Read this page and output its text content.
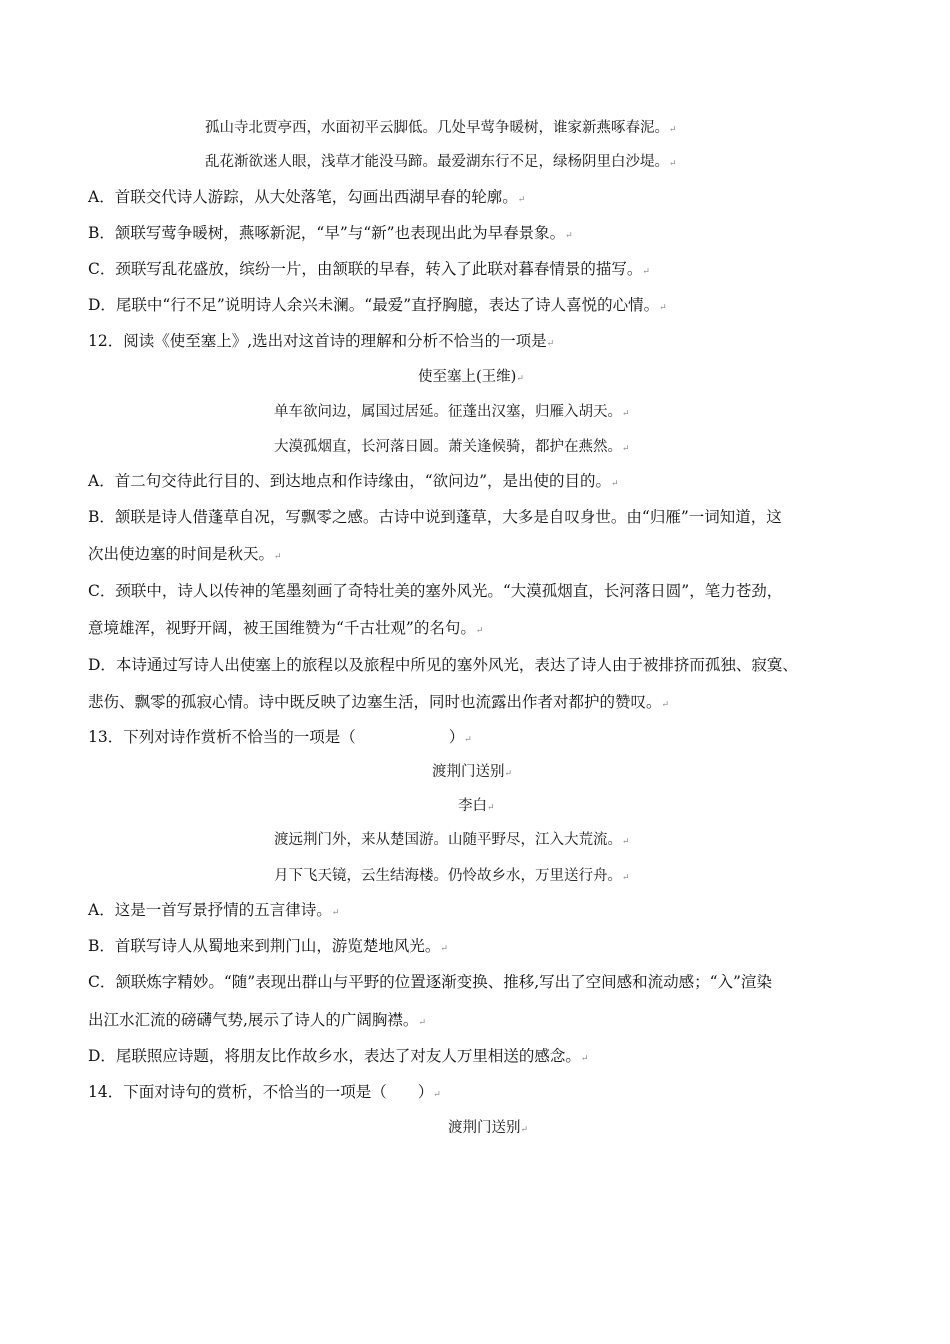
孤山寺北贾亭西，水面初平云脚低。几处早莺争暖树，谁家新燕啄春泥。↵
乱花渐欲迷人眼，浅草才能没马蹄。最爱湖东行不足，绿杨阴里白沙堤。↵
A．首联交代诗人游踪，从大处落笔，勾画出西湖早春的轮廓。↵
B．颔联写莺争暖树，燕啄新泥，“早”与“新”也表现出此为早春景象。↵
C．颈联写乱花盛放，缤纷一片，由颔联的早春，转入了此联对暮春情景的描写。↵
D．尾联中“行不足”说明诗人余兴未澜。“最爱”直抒胸臆，表达了诗人喜悦的心情。↵
12．阅读《使至塞上》,选出对这首诗的理解和分析不恰当的一项是↵
使至塞上(王维)↵
单车欲问边，属国过居延。征蓬出汉塞，归雁入胡天。↵
大漠孤烟直，长河落日圆。萧关逢候骑，都护在燕然。↵
A．首二句交待此行目的、到达地点和作诗缘由，“欲问边”，是出使的目的。↵
B．颔联是诗人借蓬草自况，写飘零之感。古诗中说到蓬草，大多是自叹身世。由“归雁”一词知道，这
次出使边塞的时间是秋天。↵
C．颈联中，诗人以传神的笔墨刻画了奇特壮美的塞外风光。“大漠孤烟直，长河落日圆”，笔力苍劲，
意境雄浑，视野开阔，被王国维赞为“千古壮观”的名句。↵
D．本诗通过写诗人出使塞上的旅程以及旅程中所见的塞外风光，表达了诗人由于被排挤而孤独、寂寞、
悲伤、飘零的孤寂心情。诗中既反映了边塞生活，同时也流露出作者对都护的赞叹。↵
13．下列对诗作赏析不恰当的一项是（　　　　　　）↵
渡荆门送别↵
李白↵
渡远荆门外，来从楚国游。山随平野尽，江入大荒流。↵
月下飞天镜，云生结海楼。仍怜故乡水，万里送行舟。↵
A．这是一首写景抒情的五言律诗。↵
B．首联写诗人从蜀地来到荆门山，游览楚地风光。↵
C．颔联炼字精妙。“随”表现出群山与平野的位置逐渐变换、推移,写出了空间感和流动感；“入”渲染
出江水汇流的磅礴气势,展示了诗人的广阔胸襟。↵
D．尾联照应诗题，将朋友比作故乡水，表达了对友人万里相送的感念。↵
14．下面对诗句的赏析，不恰当的一项是（　　）↵
渡荆门送别↵
